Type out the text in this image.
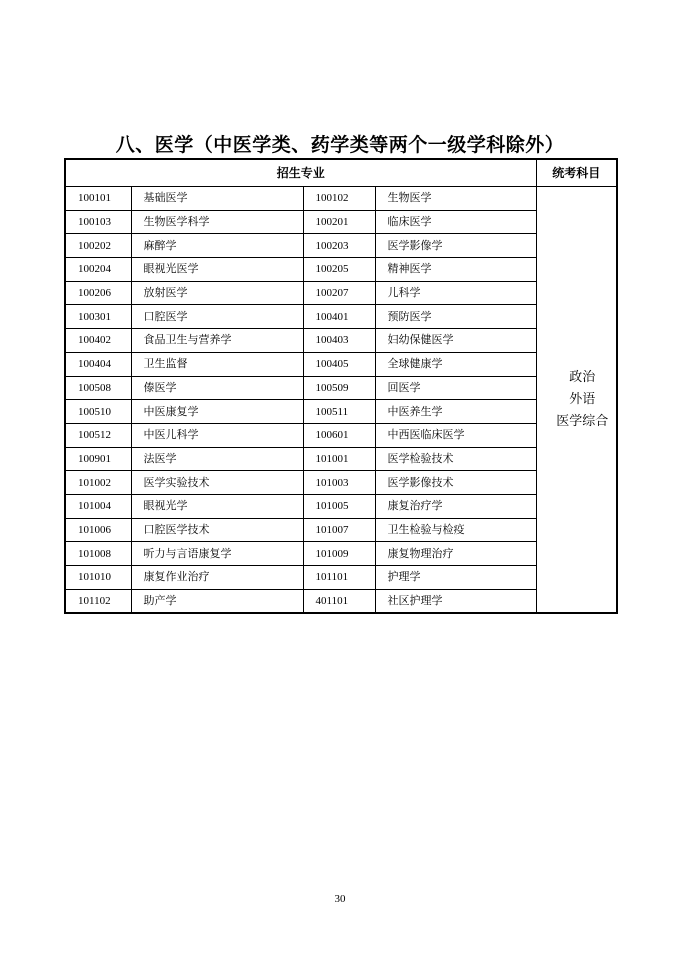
八、医学（中医学类、药学类等两个一级学科除外）
招生专业				统考科目
100101	基础医学	100102	生物医学	政治
外语
医学综合

100103	生物医学科学	100201	临床医学	
100202	麻醉学	100203	医学影像学	
100204	眼视光医学	100205	精神医学	
100206	放射医学	100207	儿科学	
100301	口腔医学	100401	预防医学	
100402	食品卫生与营养学	100403	妇幼保健医学	
100404	卫生监督	100405	全球健康学	
100508	傣医学	100509	回医学	
100510	中医康复学	100511	中医养生学	
100512	中医儿科学	100601	中西医临床医学	
100901	法医学	101001	医学检验技术	
101002	医学实验技术	101003	医学影像技术	
101004	眼视光学	101005	康复治疗学	
101006	口腔医学技术	101007	卫生检验与检疫	
101008	听力与言语康复学	101009	康复物理治疗	
101010	康复作业治疗	101101	护理学	
101102	助产学	401101	社区护理学	
30
